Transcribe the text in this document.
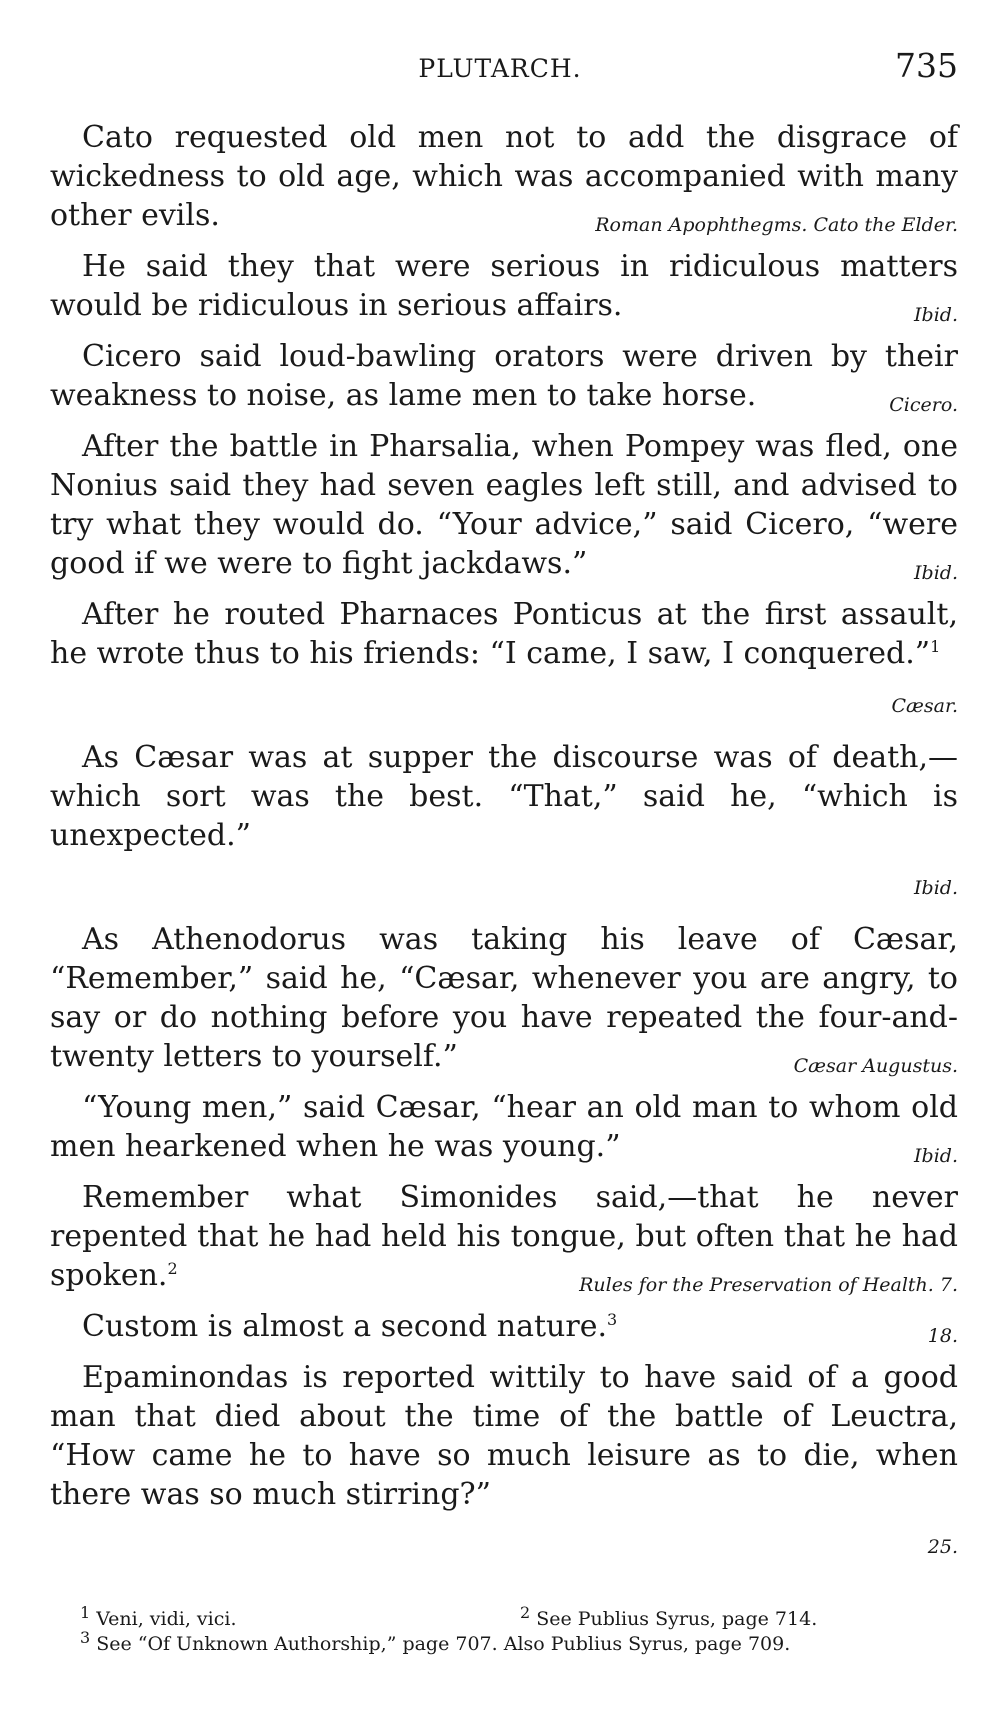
PLUTARCH.	735

Cato requested old men not to add the disgrace of wickedness to old age, which was accompanied with many other evils.	Roman Apophthegms. Cato the Elder.

He said they that were serious in ridiculous matters would be ridiculous in serious affairs.	Ibid.

Cicero said loud-bawling orators were driven by their weakness to noise, as lame men to take horse.	Cicero.

After the battle in Pharsalia, when Pompey was fled, one Nonius said they had seven eagles left still, and advised to try what they would do. “Your advice,” said Cicero, “were good if we were to fight jackdaws.”	Ibid.

After he routed Pharnaces Ponticus at the first assault, he wrote thus to his friends: “I came, I saw, I conquered.”$^1$
Cæsar.

As Cæsar was at supper the discourse was of death,— which sort was the best. “That,” said he, “which is unexpected.”
Ibid.

As Athenodorus was taking his leave of Cæsar, “Remember,” said he, “Cæsar, whenever you are angry, to say or do nothing before you have repeated the four-and-twenty letters to yourself.”	Cæsar Augustus.

“Young men,” said Cæsar, “hear an old man to whom old men hearkened when he was young.”	Ibid.

Remember what Simonides said,—that he never repented that he had held his tongue, but often that he had spoken.$^2$
Rules for the Preservation of Health. 7.

Custom is almost a second nature.$^3$
18.

Epaminondas is reported wittily to have said of a good man that died about the time of the battle of Leuctra, “How came he to have so much leisure as to die, when there was so much stirring?”
25.

$^1$ Veni, vidi, vici.	$^2$ See Publius Syrus, page 714.
$^3$ See “Of Unknown Authorship,” page 707. Also Publius Syrus, page 709.
